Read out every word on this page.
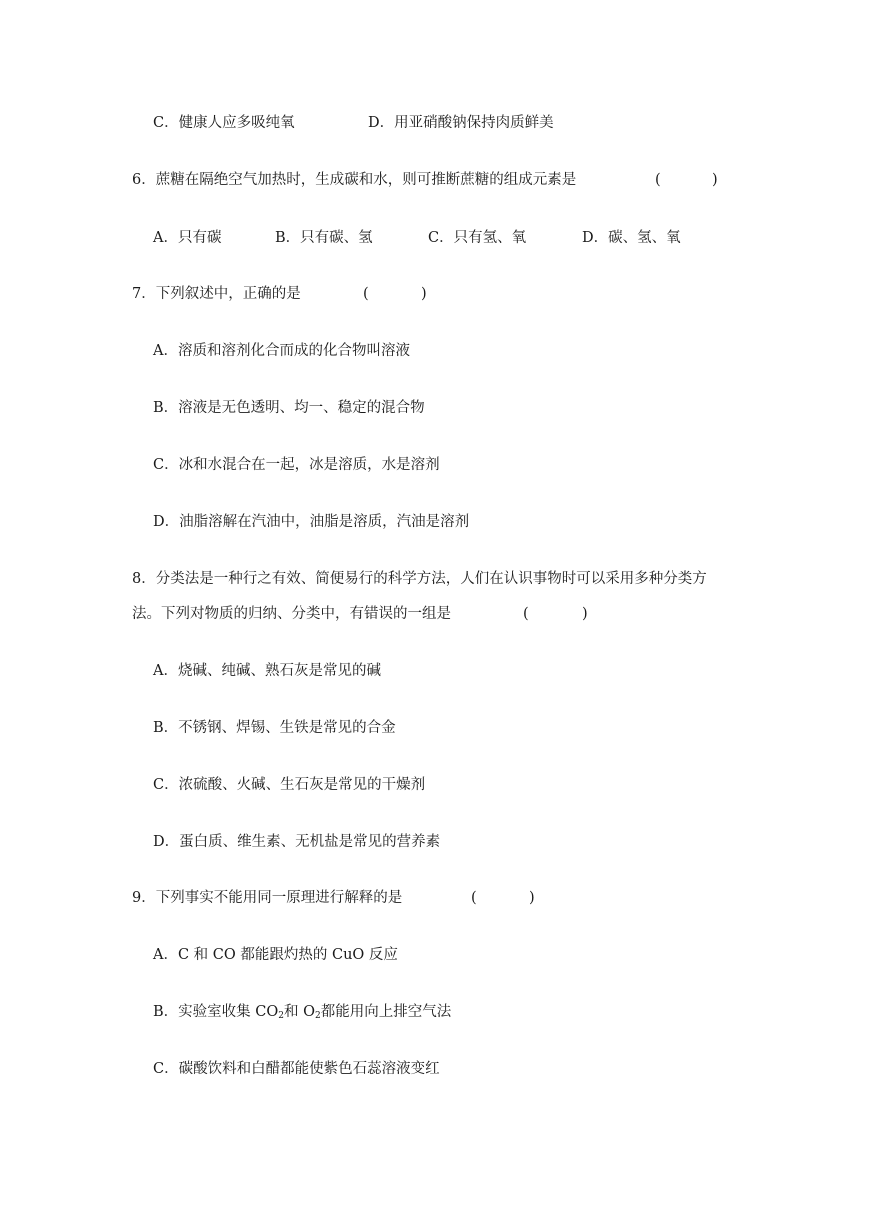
C．健康人应多吸纯氧	D．用亚硝酸钠保持肉质鲜美
6．蔗糖在隔绝空气加热时，生成碳和水，则可推断蔗糖的组成元素是	(	)
A．只有碳	B．只有碳、氢	C．只有氢、氧	D．碳、氢、氧
7．下列叙述中，正确的是	(	)
A．溶质和溶剂化合而成的化合物叫溶液
B．溶液是无色透明、均一、稳定的混合物
C．冰和水混合在一起，冰是溶质，水是溶剂
D．油脂溶解在汽油中，油脂是溶质，汽油是溶剂
8．分类法是一种行之有效、简便易行的科学方法，人们在认识事物时可以采用多种分类方
法。下列对物质的归纳、分类中，有错误的一组是	(	)
A．烧碱、纯碱、熟石灰是常见的碱
B．不锈钢、焊锡、生铁是常见的合金
C．浓硫酸、火碱、生石灰是常见的干燥剂
D．蛋白质、维生素、无机盐是常见的营养素
9．下列事实不能用同一原理进行解释的是	(	)
A．C 和 CO 都能跟灼热的 CuO 反应
B．实验室收集 $CO_2$和 $O_2$都能用向上排空气法
C．碳酸饮料和白醋都能使紫色石蕊溶液变红
